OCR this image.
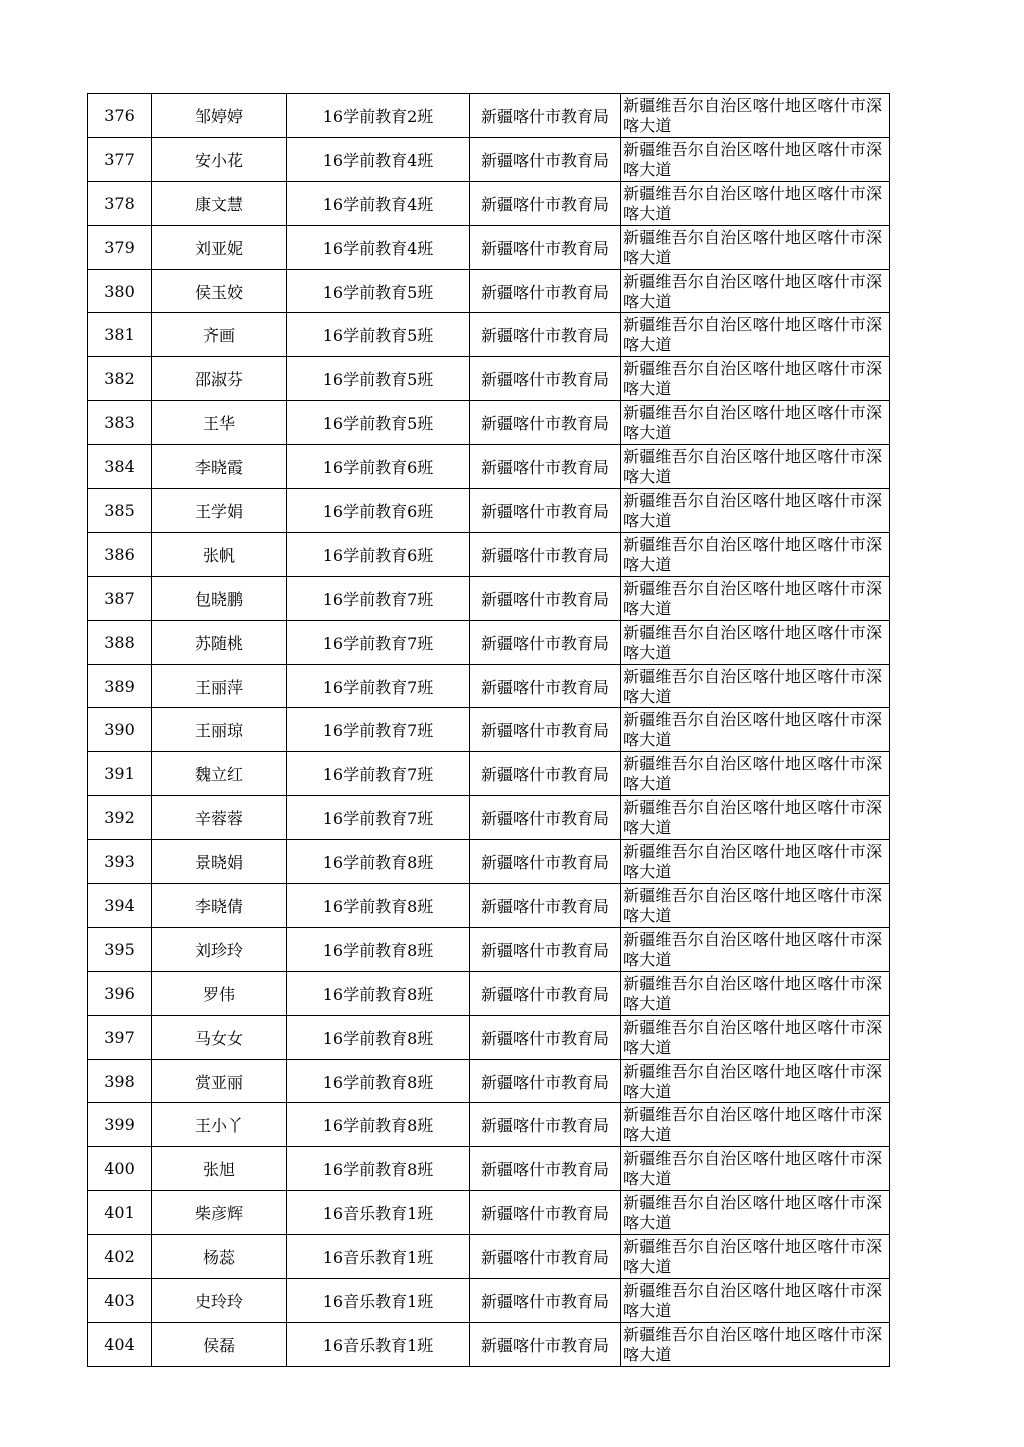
376	邹婷婷	16学前教育2班	新疆喀什市教育局	新疆维吾尔自治区喀什地区喀什市深喀大道
377	安小花	16学前教育4班	新疆喀什市教育局	新疆维吾尔自治区喀什地区喀什市深喀大道
378	康文慧	16学前教育4班	新疆喀什市教育局	新疆维吾尔自治区喀什地区喀什市深喀大道
379	刘亚妮	16学前教育4班	新疆喀什市教育局	新疆维吾尔自治区喀什地区喀什市深喀大道
380	侯玉姣	16学前教育5班	新疆喀什市教育局	新疆维吾尔自治区喀什地区喀什市深喀大道
381	齐画	16学前教育5班	新疆喀什市教育局	新疆维吾尔自治区喀什地区喀什市深喀大道
382	邵淑芬	16学前教育5班	新疆喀什市教育局	新疆维吾尔自治区喀什地区喀什市深喀大道
383	王华	16学前教育5班	新疆喀什市教育局	新疆维吾尔自治区喀什地区喀什市深喀大道
384	李晓霞	16学前教育6班	新疆喀什市教育局	新疆维吾尔自治区喀什地区喀什市深喀大道
385	王学娟	16学前教育6班	新疆喀什市教育局	新疆维吾尔自治区喀什地区喀什市深喀大道
386	张帆	16学前教育6班	新疆喀什市教育局	新疆维吾尔自治区喀什地区喀什市深喀大道
387	包晓鹏	16学前教育7班	新疆喀什市教育局	新疆维吾尔自治区喀什地区喀什市深喀大道
388	苏随桃	16学前教育7班	新疆喀什市教育局	新疆维吾尔自治区喀什地区喀什市深喀大道
389	王丽萍	16学前教育7班	新疆喀什市教育局	新疆维吾尔自治区喀什地区喀什市深喀大道
390	王丽琼	16学前教育7班	新疆喀什市教育局	新疆维吾尔自治区喀什地区喀什市深喀大道
391	魏立红	16学前教育7班	新疆喀什市教育局	新疆维吾尔自治区喀什地区喀什市深喀大道
392	辛蓉蓉	16学前教育7班	新疆喀什市教育局	新疆维吾尔自治区喀什地区喀什市深喀大道
393	景晓娟	16学前教育8班	新疆喀什市教育局	新疆维吾尔自治区喀什地区喀什市深喀大道
394	李晓倩	16学前教育8班	新疆喀什市教育局	新疆维吾尔自治区喀什地区喀什市深喀大道
395	刘珍玲	16学前教育8班	新疆喀什市教育局	新疆维吾尔自治区喀什地区喀什市深喀大道
396	罗伟	16学前教育8班	新疆喀什市教育局	新疆维吾尔自治区喀什地区喀什市深喀大道
397	马女女	16学前教育8班	新疆喀什市教育局	新疆维吾尔自治区喀什地区喀什市深喀大道
398	赏亚丽	16学前教育8班	新疆喀什市教育局	新疆维吾尔自治区喀什地区喀什市深喀大道
399	王小丫	16学前教育8班	新疆喀什市教育局	新疆维吾尔自治区喀什地区喀什市深喀大道
400	张旭	16学前教育8班	新疆喀什市教育局	新疆维吾尔自治区喀什地区喀什市深喀大道
401	柴彦辉	16音乐教育1班	新疆喀什市教育局	新疆维吾尔自治区喀什地区喀什市深喀大道
402	杨蕊	16音乐教育1班	新疆喀什市教育局	新疆维吾尔自治区喀什地区喀什市深喀大道
403	史玲玲	16音乐教育1班	新疆喀什市教育局	新疆维吾尔自治区喀什地区喀什市深喀大道
404	侯磊	16音乐教育1班	新疆喀什市教育局	新疆维吾尔自治区喀什地区喀什市深喀大道
